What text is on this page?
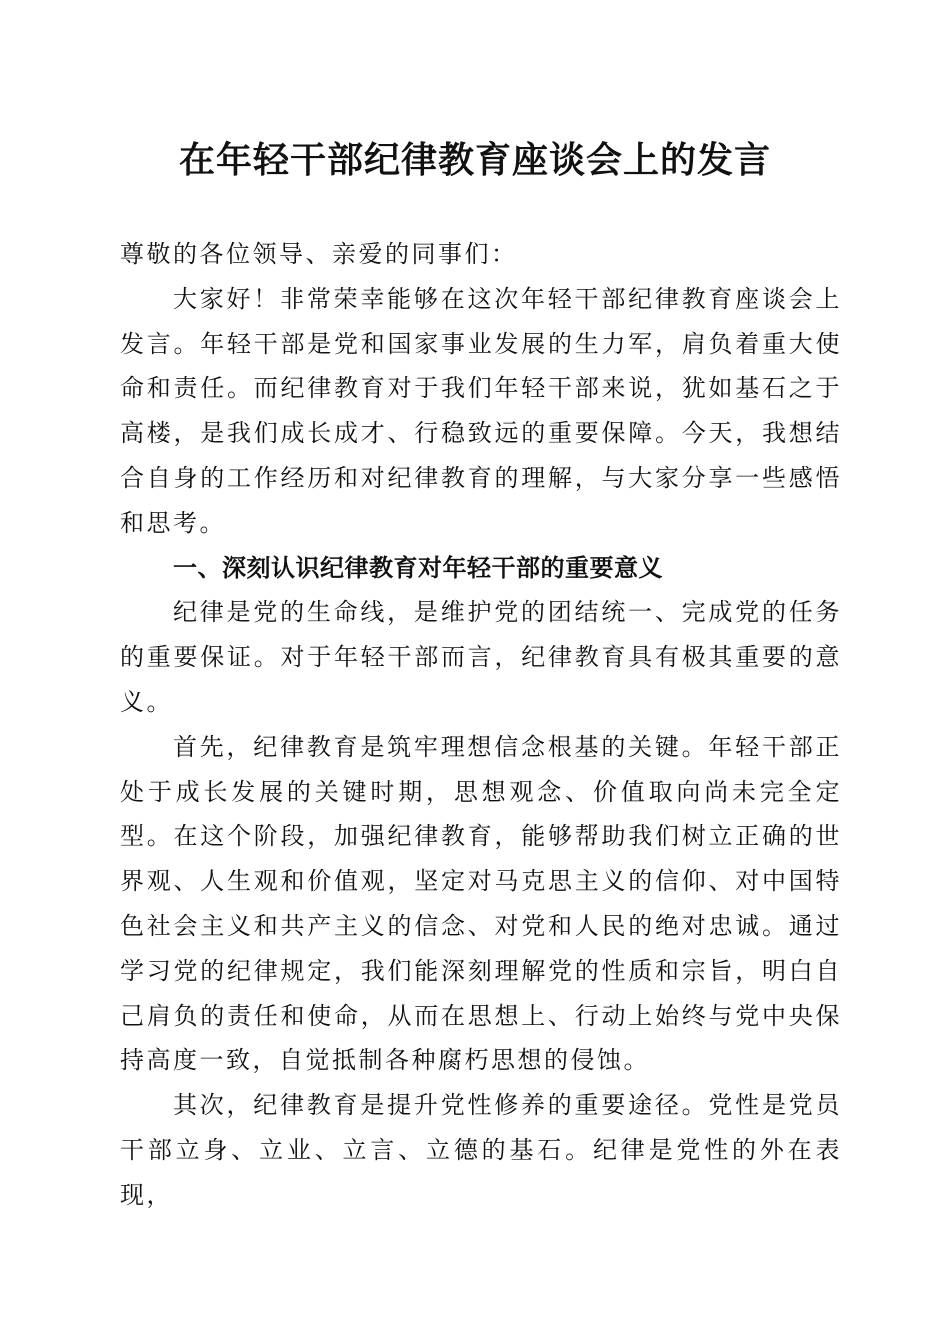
在年轻干部纪律教育座谈会上的发言

尊敬的各位领导、亲爱的同事们：

大家好！非常荣幸能够在这次年轻干部纪律教育座谈会上发言。年轻干部是党和国家事业发展的生力军，肩负着重大使命和责任。而纪律教育对于我们年轻干部来说，犹如基石之于高楼，是我们成长成才、行稳致远的重要保障。今天，我想结合自身的工作经历和对纪律教育的理解，与大家分享一些感悟和思考。

一、深刻认识纪律教育对年轻干部的重要意义

纪律是党的生命线，是维护党的团结统一、完成党的任务的重要保证。对于年轻干部而言，纪律教育具有极其重要的意义。

首先，纪律教育是筑牢理想信念根基的关键。年轻干部正处于成长发展的关键时期，思想观念、价值取向尚未完全定型。在这个阶段，加强纪律教育，能够帮助我们树立正确的世界观、人生观和价值观，坚定对马克思主义的信仰、对中国特色社会主义和共产主义的信念、对党和人民的绝对忠诚。通过学习党的纪律规定，我们能深刻理解党的性质和宗旨，明白自己肩负的责任和使命，从而在思想上、行动上始终与党中央保持高度一致，自觉抵制各种腐朽思想的侵蚀。

其次，纪律教育是提升党性修养的重要途径。党性是党员干部立身、立业、立言、立德的基石。纪律是党性的外在表现，
